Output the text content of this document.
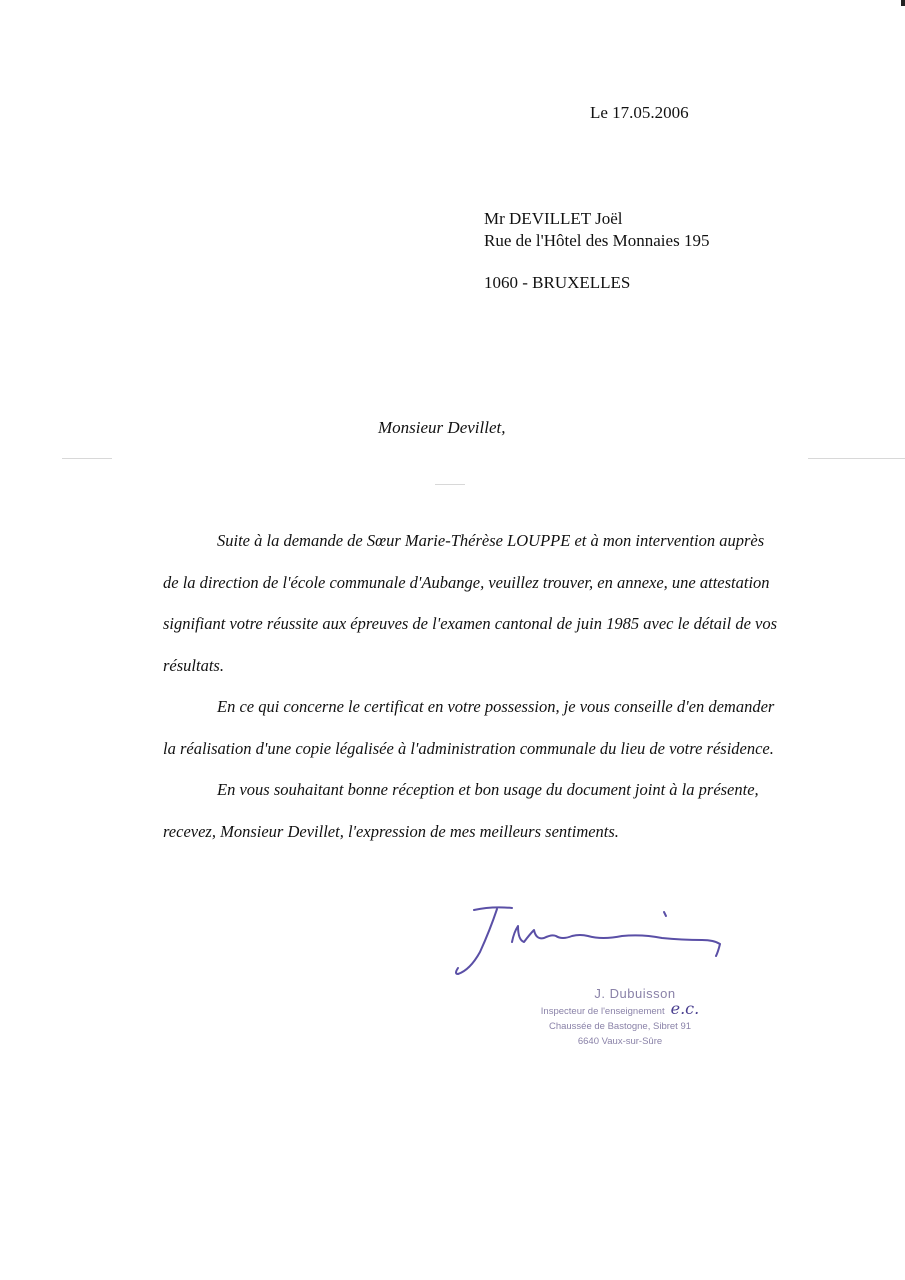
Le 17.05.2006
Mr DEVILLET Joël
Rue de l'Hôtel des Monnaies 195
1060 - BRUXELLES
Monsieur Devillet,

Suite à la demande de Sœur Marie-Thérèse LOUPPE et à mon intervention auprès de la direction de l'école communale d'Aubange, veuillez trouver, en annexe, une attestation signifiant votre réussite aux épreuves de l'examen cantonal de juin 1985 avec le détail de vos résultats.

En ce qui concerne le certificat en votre possession, je vous conseille d'en demander la réalisation d'une copie légalisée à l'administration communale du lieu de votre résidence.

En vous souhaitant bonne réception et bon usage du document joint à la présente, recevez, Monsieur Devillet, l'expression de mes meilleurs sentiments.

J. Dubuisson
Inspecteur de l'enseignement e.c.
Chaussée de Bastogne, Sibret 91
6640 Vaux-sur-Sûre
